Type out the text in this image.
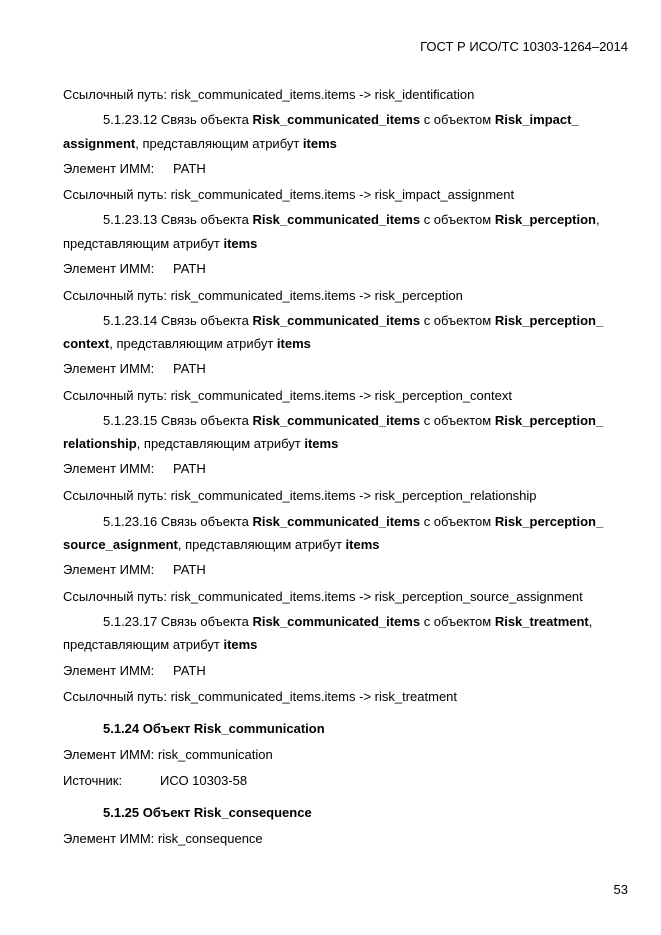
ГОСТ Р ИСО/ТС 10303-1264–2014
Ссылочный путь: risk_communicated_items.items -> risk_identification
5.1.23.12 Связь объекта Risk_communicated_items с объектом Risk_impact_
assignment, представляющим атрибут items
Элемент ИММ: PATH
Ссылочный путь: risk_communicated_items.items -> risk_impact_assignment
5.1.23.13 Связь объекта Risk_communicated_items с объектом Risk_perception,
представляющим атрибут items
Элемент ИММ: PATH
Ссылочный путь: risk_communicated_items.items -> risk_perception
5.1.23.14 Связь объекта Risk_communicated_items с объектом Risk_perception_
context, представляющим атрибут items
Элемент ИММ: PATH
Ссылочный путь: risk_communicated_items.items -> risk_perception_context
5.1.23.15 Связь объекта Risk_communicated_items с объектом Risk_perception_
relationship, представляющим атрибут items
Элемент ИММ: PATH
Ссылочный путь: risk_communicated_items.items -> risk_perception_relationship
5.1.23.16 Связь объекта Risk_communicated_items с объектом Risk_perception_
source_asignment, представляющим атрибут items
Элемент ИММ: PATH
Ссылочный путь: risk_communicated_items.items -> risk_perception_source_assignment
5.1.23.17 Связь объекта Risk_communicated_items с объектом Risk_treatment,
представляющим атрибут items
Элемент ИММ: PATH
Ссылочный путь: risk_communicated_items.items -> risk_treatment
5.1.24 Объект Risk_communication
Элемент ИММ: risk_communication
Источник:	ИСО 10303-58
5.1.25 Объект Risk_consequence
Элемент ИММ: risk_consequence
53
